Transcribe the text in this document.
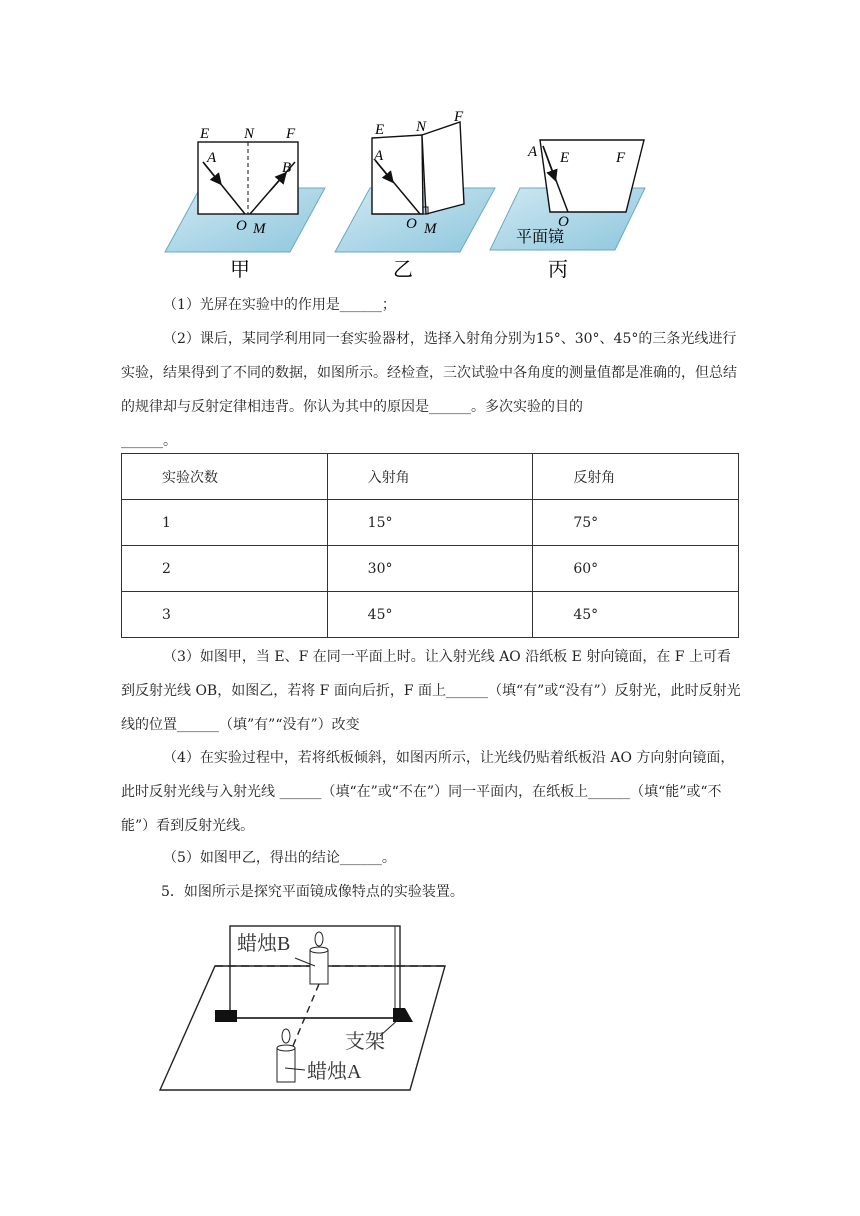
E N F
A
B
O M
甲
E N
F
A
O M
乙
A E	F
O
平面镜
丙

（1）光屏在实验中的作用是______；

（2）课后，某同学利用同一套实验器材，选择入射角分别为15°、30°、45°的三条光线进行实验，结果得到了不同的数据，如图所示。经检查，三次试验中各角度的测量值都是准确的，但总结的规律却与反射定律相违背。你认为其中的原因是______。多次实验的目的

______。

实验次数	入射角	反射角
1	15°	75°
2	30°	60°
3	45°	45°

（3）如图甲，当 E、F 在同一平面上时。让入射光线 AO 沿纸板 E 射向镜面，在 F 上可看到反射光线 OB，如图乙，若将 F 面向后折，F 面上______（填“有”或“没有”）反射光，此时反射光线的位置______（填”有”“没有”）改变

（4）在实验过程中，若将纸板倾斜，如图丙所示，让光线仍贴着纸板沿 AO 方向射向镜面，此时反射光线与入射光线 ______（填“在”或“不在”）同一平面内，在纸板上______（填“能”或“不能”）看到反射光线。

（5）如图甲乙，得出的结论______。

5．如图所示是探究平面镜成像特点的实验装置。

蜡烛B
蜡烛A
支架
